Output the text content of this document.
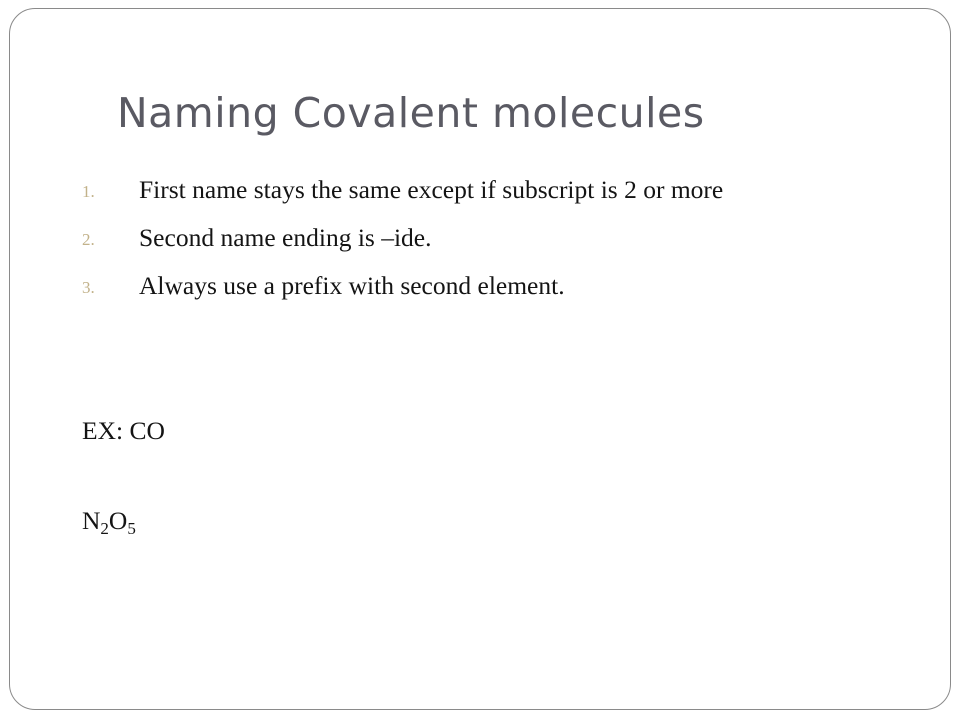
Naming Covalent molecules
1. First name stays the same except if subscript is 2 or more
2. Second name ending is –ide.
3. Always use a prefix with second element.

EX: CO

$N_2O_5$
